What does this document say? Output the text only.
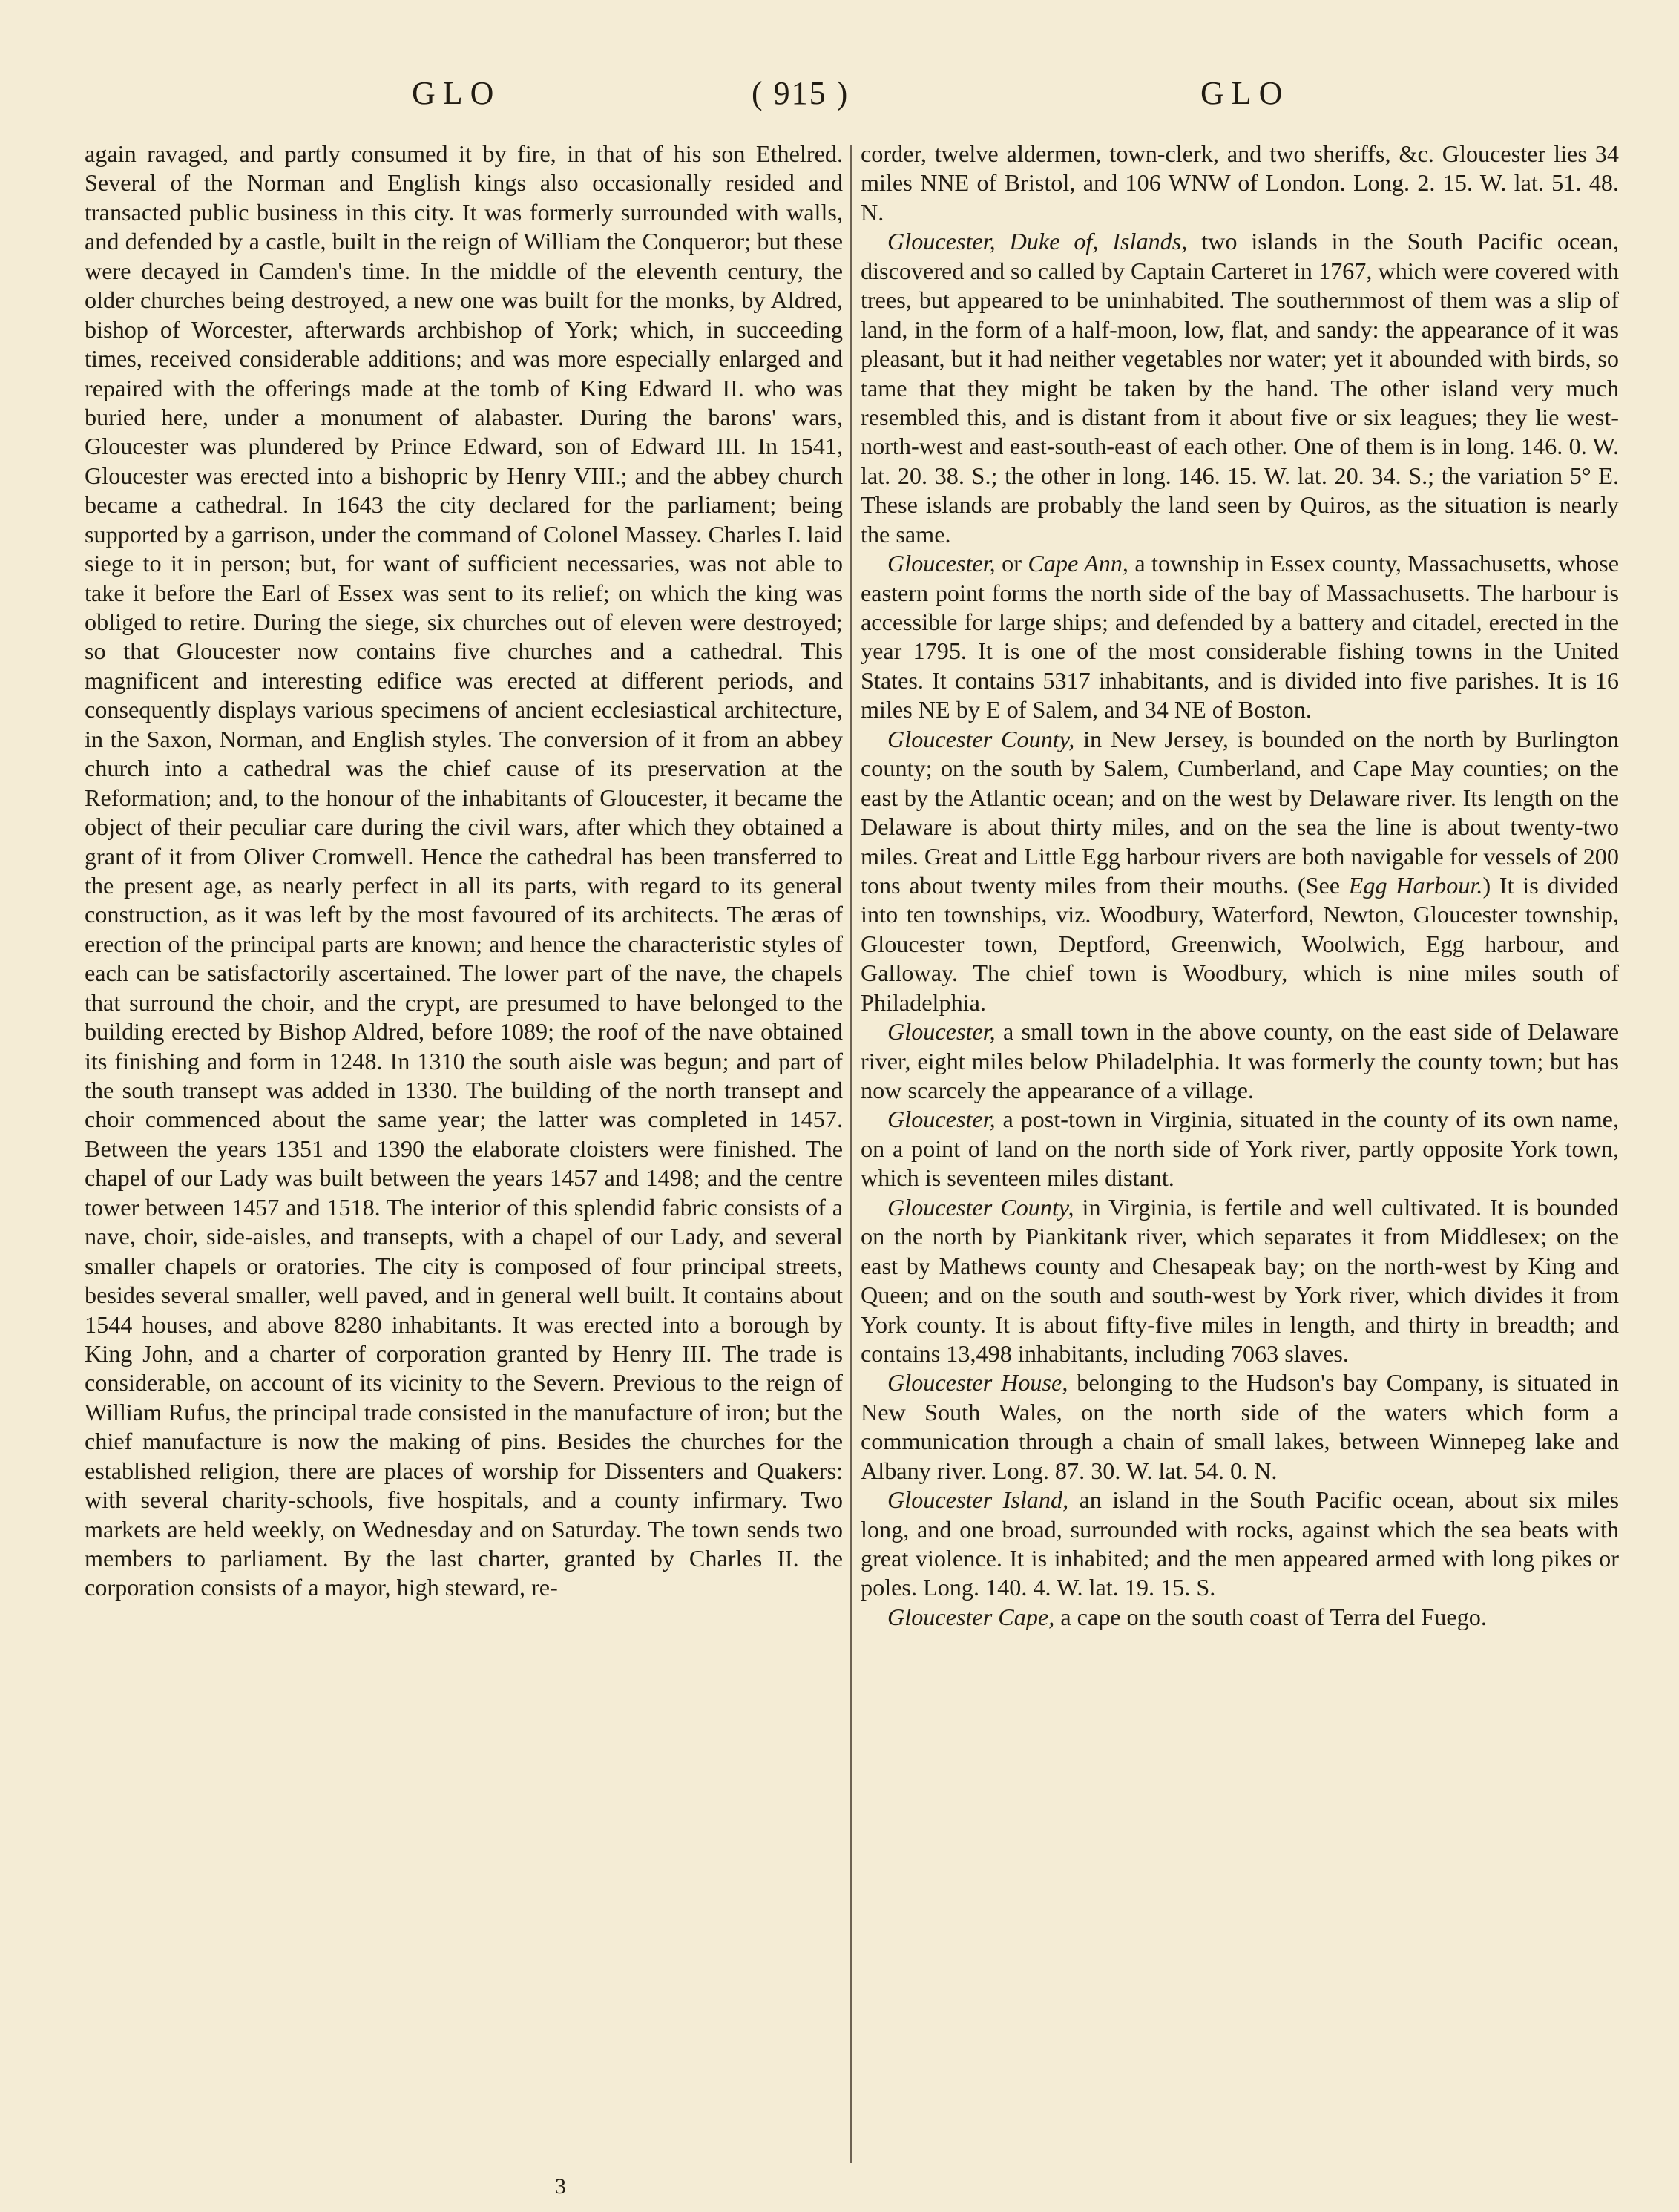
GLO	( 915 )	GLO

again ravaged, and partly consumed it by fire, in that of his son Ethelred. Several of the Norman and English kings also occasionally resided and transacted public business in this city. It was formerly surrounded with walls, and defended by a castle, built in the reign of William the Conqueror; but these were decayed in Camden's time. In the middle of the eleventh century, the older churches being destroyed, a new one was built for the monks, by Aldred, bishop of Worcester, afterwards archbishop of York; which, in succeeding times, received considerable additions; and was more especially enlarged and repaired with the offerings made at the tomb of King Edward II. who was buried here, under a monument of alabaster. During the barons' wars, Gloucester was plundered by Prince Edward, son of Edward III. In 1541, Gloucester was erected into a bishopric by Henry VIII.; and the abbey church became a cathedral. In 1643 the city declared for the parliament; being supported by a garrison, under the command of Colonel Massey. Charles I. laid siege to it in person; but, for want of sufficient necessaries, was not able to take it before the Earl of Essex was sent to its relief; on which the king was obliged to retire. During the siege, six churches out of eleven were destroyed; so that Gloucester now contains five churches and a cathedral. This magnificent and interesting edifice was erected at different periods, and consequently displays various specimens of ancient ecclesiastical architecture, in the Saxon, Norman, and English styles. The conversion of it from an abbey church into a cathedral was the chief cause of its preservation at the Reformation; and, to the honour of the inhabitants of Gloucester, it became the object of their peculiar care during the civil wars, after which they obtained a grant of it from Oliver Cromwell. Hence the cathedral has been transferred to the present age, as nearly perfect in all its parts, with regard to its general construction, as it was left by the most favoured of its architects. The æras of erection of the principal parts are known; and hence the characteristic styles of each can be satisfactorily ascertained. The lower part of the nave, the chapels that surround the choir, and the crypt, are presumed to have belonged to the building erected by Bishop Aldred, before 1089; the roof of the nave obtained its finishing and form in 1248. In 1310 the south aisle was begun; and part of the south transept was added in 1330. The building of the north transept and choir commenced about the same year; the latter was completed in 1457. Between the years 1351 and 1390 the elaborate cloisters were finished. The chapel of our Lady was built between the years 1457 and 1498; and the centre tower between 1457 and 1518. The interior of this splendid fabric consists of a nave, choir, side-aisles, and transepts, with a chapel of our Lady, and several smaller chapels or oratories. The city is composed of four principal streets, besides several smaller, well paved, and in general well built. It contains about 1544 houses, and above 8280 inhabitants. It was erected into a borough by King John, and a charter of corporation granted by Henry III. The trade is considerable, on account of its vicinity to the Severn. Previous to the reign of William Rufus, the principal trade consisted in the manufacture of iron; but the chief manufacture is now the making of pins. Besides the churches for the established religion, there are places of worship for Dissenters and Quakers: with several charity-schools, five hospitals, and a county infirmary. Two markets are held weekly, on Wednesday and on Saturday. The town sends two members to parliament. By the last charter, granted by Charles II. the corporation consists of a mayor, high steward, re-

corder, twelve aldermen, town-clerk, and two sheriffs, &c. Gloucester lies 34 miles NNE of Bristol, and 106 WNW of London. Long. 2. 15. W. lat. 51. 48. N.

Gloucester, Duke of, Islands, two islands in the South Pacific ocean, discovered and so called by Captain Carteret in 1767, which were covered with trees, but appeared to be uninhabited. The southernmost of them was a slip of land, in the form of a half-moon, low, flat, and sandy: the appearance of it was pleasant, but it had neither vegetables nor water; yet it abounded with birds, so tame that they might be taken by the hand. The other island very much resembled this, and is distant from it about five or six leagues; they lie west-north-west and east-south-east of each other. One of them is in long. 146. 0. W. lat. 20. 38. S.; the other in long. 146. 15. W. lat. 20. 34. S.; the variation 5° E. These islands are probably the land seen by Quiros, as the situation is nearly the same.

Gloucester, or Cape Ann, a township in Essex county, Massachusetts, whose eastern point forms the north side of the bay of Massachusetts. The harbour is accessible for large ships; and defended by a battery and citadel, erected in the year 1795. It is one of the most considerable fishing towns in the United States. It contains 5317 inhabitants, and is divided into five parishes. It is 16 miles NE by E of Salem, and 34 NE of Boston.

Gloucester County, in New Jersey, is bounded on the north by Burlington county; on the south by Salem, Cumberland, and Cape May counties; on the east by the Atlantic ocean; and on the west by Delaware river. Its length on the Delaware is about thirty miles, and on the sea the line is about twenty-two miles. Great and Little Egg harbour rivers are both navigable for vessels of 200 tons about twenty miles from their mouths. (See Egg Harbour.) It is divided into ten townships, viz. Woodbury, Waterford, Newton, Gloucester township, Gloucester town, Deptford, Greenwich, Woolwich, Egg harbour, and Galloway. The chief town is Woodbury, which is nine miles south of Philadelphia.

Gloucester, a small town in the above county, on the east side of Delaware river, eight miles below Philadelphia. It was formerly the county town; but has now scarcely the appearance of a village.

Gloucester, a post-town in Virginia, situated in the county of its own name, on a point of land on the north side of York river, partly opposite York town, which is seventeen miles distant.

Gloucester County, in Virginia, is fertile and well cultivated. It is bounded on the north by Piankitank river, which separates it from Middlesex; on the east by Mathews county and Chesapeak bay; on the north-west by King and Queen; and on the south and south-west by York river, which divides it from York county. It is about fifty-five miles in length, and thirty in breadth; and contains 13,498 inhabitants, including 7063 slaves.

Gloucester House, belonging to the Hudson's bay Company, is situated in New South Wales, on the north side of the waters which form a communication through a chain of small lakes, between Winnepeg lake and Albany river. Long. 87. 30. W. lat. 54. 0. N.

Gloucester Island, an island in the South Pacific ocean, about six miles long, and one broad, surrounded with rocks, against which the sea beats with great violence. It is inhabited; and the men appeared armed with long pikes or poles. Long. 140. 4. W. lat. 19. 15. S.

Gloucester Cape, a cape on the south coast of Terra del Fuego.

3
